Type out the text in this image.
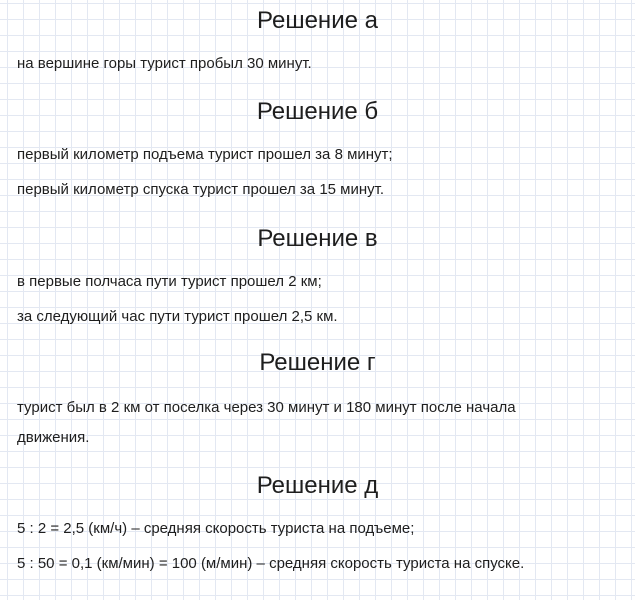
Решение а

на вершине горы турист пробыл 30 минут.

Решение б

первый километр подъема турист прошел за 8 минут;

первый километр спуска турист прошел за 15 минут.

Решение в

в первые полчаса пути турист прошел 2 км;

за следующий час пути турист прошел 2,5 км.

Решение г

турист был в 2 км от поселка через 30 минут и 180 минут после начала

движения.

Решение д

5 : 2 = 2,5 (км/ч) – средняя скорость туриста на подъеме;

5 : 50 = 0,1 (км/мин) = 100 (м/мин) – средняя скорость туриста на спуске.
